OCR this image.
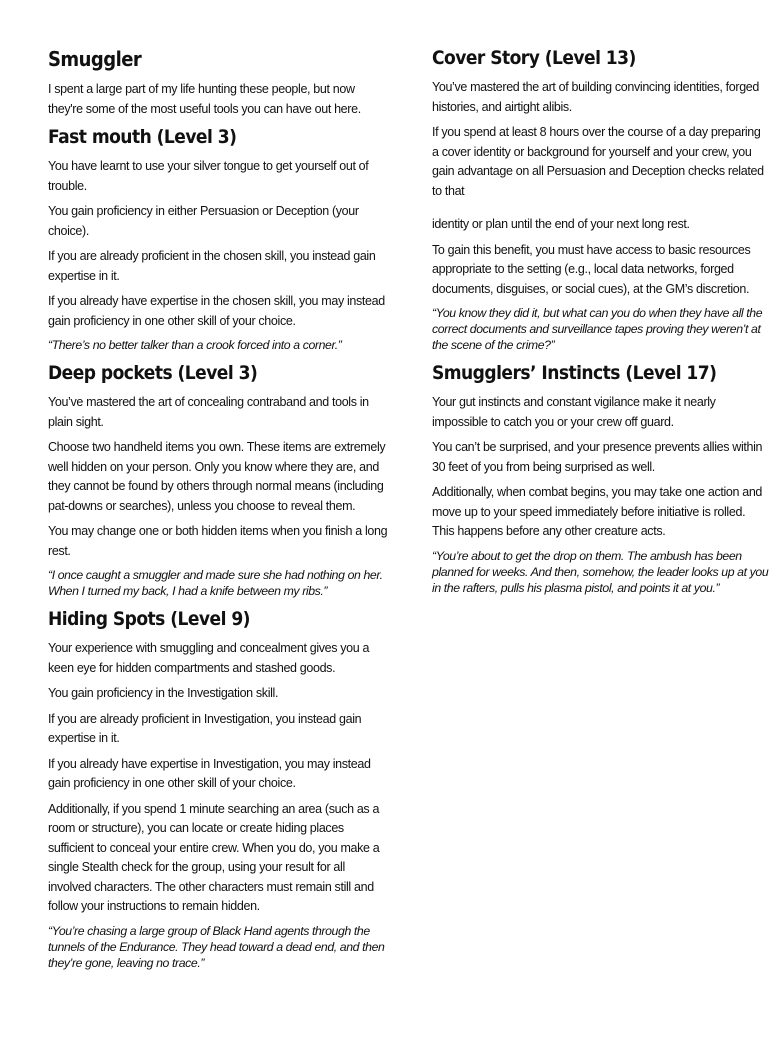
Smuggler

I spent a large part of my life hunting these people, but now they're some of the most useful tools you can have out here.

Fast mouth (Level 3)

You have learnt to use your silver tongue to get yourself out of trouble.

You gain proficiency in either Persuasion or Deception (your choice).

If you are already proficient in the chosen skill, you instead gain expertise in it.

If you already have expertise in the chosen skill, you may instead gain proficiency in one other skill of your choice.

“There’s no better talker than a crook forced into a corner.”

Deep pockets (Level 3)

You’ve mastered the art of concealing contraband and tools in plain sight.

Choose two handheld items you own. These items are extremely well hidden on your person. Only you know where they are, and they cannot be found by others through normal means (including pat-downs or searches), unless you choose to reveal them.

You may change one or both hidden items when you finish a long rest.

“I once caught a smuggler and made sure she had nothing on her. When I turned my back, I had a knife between my ribs.”

Hiding Spots (Level 9)

Your experience with smuggling and concealment gives you a keen eye for hidden compartments and stashed goods.

You gain proficiency in the Investigation skill.

If you are already proficient in Investigation, you instead gain expertise in it.

If you already have expertise in Investigation, you may instead gain proficiency in one other skill of your choice.

Additionally, if you spend 1 minute searching an area (such as a room or structure), you can locate or create hiding places sufficient to conceal your entire crew. When you do, you make a single Stealth check for the group, using your result for all involved characters. The other characters must remain still and follow your instructions to remain hidden.

“You’re chasing a large group of Black Hand agents through the tunnels of the Endurance. They head toward a dead end, and then they’re gone, leaving no trace.”

Cover Story (Level 13)

You’ve mastered the art of building convincing identities, forged histories, and airtight alibis.

If you spend at least 8 hours over the course of a day preparing a cover identity or background for yourself and your crew, you gain advantage on all Persuasion and Deception checks related to that

identity or plan until the end of your next long rest.

To gain this benefit, you must have access to basic resources appropriate to the setting (e.g., local data networks, forged documents, disguises, or social cues), at the GM’s discretion.

“You know they did it, but what can you do when they have all the correct documents and surveillance tapes proving they weren’t at the scene of the crime?”

Smugglers’ Instincts (Level 17)

Your gut instincts and constant vigilance make it nearly impossible to catch you or your crew off guard.

You can’t be surprised, and your presence prevents allies within 30 feet of you from being surprised as well.

Additionally, when combat begins, you may take one action and move up to your speed immediately before initiative is rolled. This happens before any other creature acts.

“You’re about to get the drop on them. The ambush has been planned for weeks. And then, somehow, the leader looks up at you in the rafters, pulls his plasma pistol, and points it at you.”
